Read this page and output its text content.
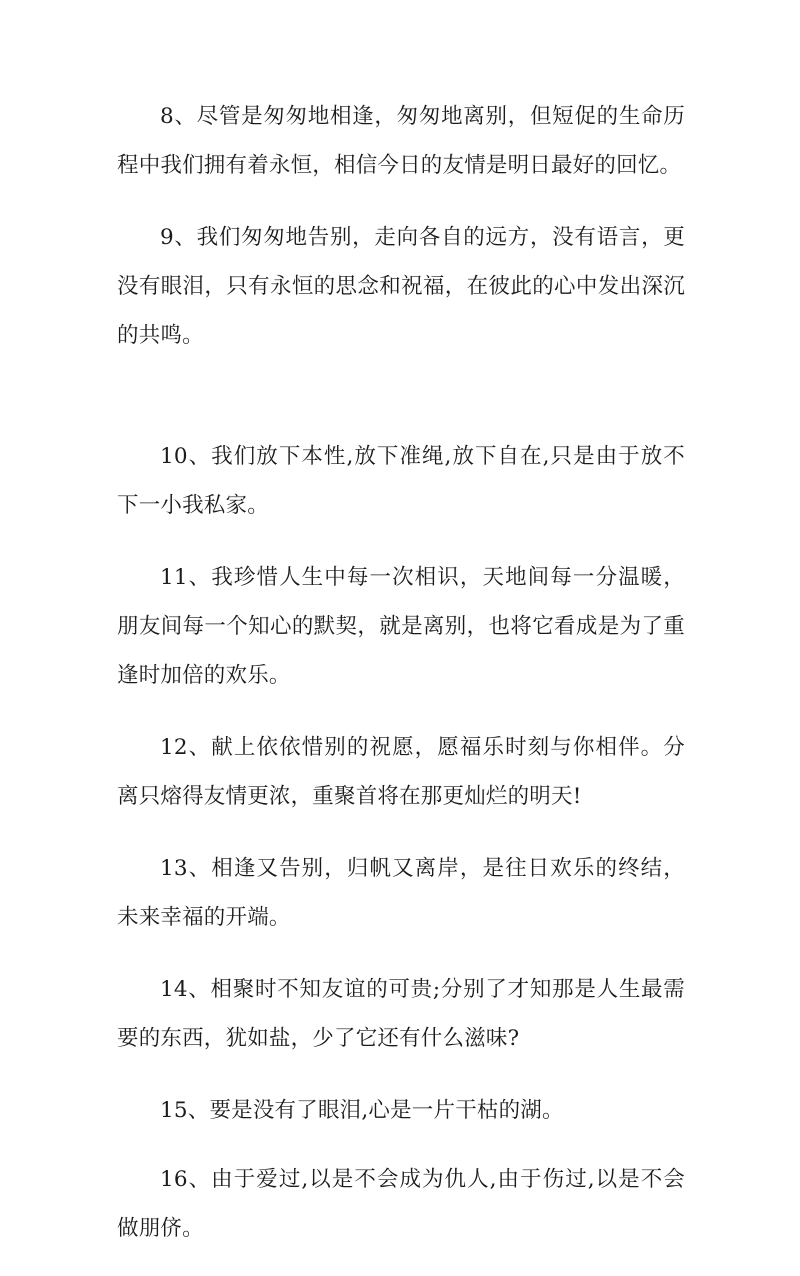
8、尽管是匆匆地相逢，匆匆地离别，但短促的生命历程中我们拥有着永恒，相信今日的友情是明日最好的回忆。

9、我们匆匆地告别，走向各自的远方，没有语言，更没有眼泪，只有永恒的思念和祝福，在彼此的心中发出深沉的共鸣。

10、我们放下本性,放下准绳,放下自在,只是由于放不下一小我私家。

11、我珍惜人生中每一次相识，天地间每一分温暖，朋友间每一个知心的默契，就是离别，也将它看成是为了重逢时加倍的欢乐。

12、献上依依惜别的祝愿，愿福乐时刻与你相伴。分离只熔得友情更浓，重聚首将在那更灿烂的明天!

13、相逢又告别，归帆又离岸，是往日欢乐的终结，未来幸福的开端。

14、相聚时不知友谊的可贵;分别了才知那是人生最需要的东西，犹如盐，少了它还有什么滋味?

15、要是没有了眼泪,心是一片干枯的湖。

16、由于爱过,以是不会成为仇人,由于伤过,以是不会做朋侪。
